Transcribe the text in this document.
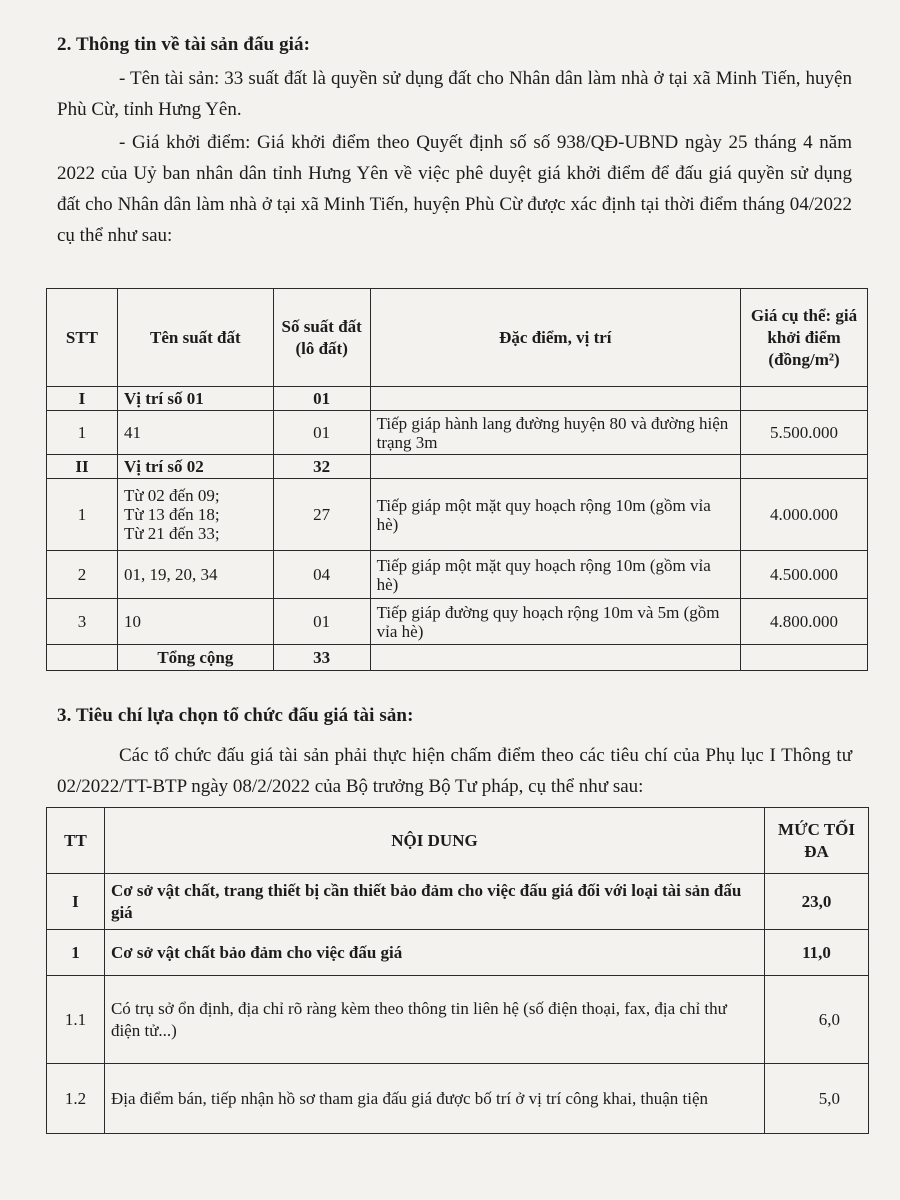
2. Thông tin về tài sản đấu giá:

- Tên tài sản: 33 suất đất là quyền sử dụng đất cho Nhân dân làm nhà ở tại xã Minh Tiến, huyện Phù Cừ, tỉnh Hưng Yên.

- Giá khởi điểm: Giá khởi điểm theo Quyết định số số 938/QĐ-UBND ngày 25 tháng 4 năm 2022 của Uỷ ban nhân dân tỉnh Hưng Yên về việc phê duyệt giá khởi điểm để đấu giá quyền sử dụng đất cho Nhân dân làm nhà ở tại xã Minh Tiến, huyện Phù Cừ được xác định tại thời điểm tháng 04/2022 cụ thể như sau:

STT	Tên suất đất	Số suất đất (lô đất)	Đặc điểm, vị trí	Giá cụ thể: giá khởi điểm (đồng/m²)
I	Vị trí số 01	01		
1	41	01	Tiếp giáp hành lang đường huyện 80 và đường hiện trạng 3m	5.500.000
II	Vị trí số 02	32		
1	Từ 02 đến 09;
Từ 13 đến 18;
Từ 21 đến 33;	27	Tiếp giáp một mặt quy hoạch rộng 10m (gồm vỉa hè)	4.000.000
2	01, 19, 20, 34	04	Tiếp giáp một mặt quy hoạch rộng 10m (gồm vỉa hè)	4.500.000
3	10	01	Tiếp giáp đường quy hoạch rộng 10m và 5m (gồm vỉa hè)	4.800.000
	Tổng cộng	33		
3. Tiêu chí lựa chọn tổ chức đấu giá tài sản:

Các tổ chức đấu giá tài sản phải thực hiện chấm điểm theo các tiêu chí của Phụ lục I Thông tư 02/2022/TT-BTP ngày 08/2/2022 của Bộ trưởng Bộ Tư pháp, cụ thể như sau:

TT	NỘI DUNG	MỨC TỐI ĐA
I	Cơ sở vật chất, trang thiết bị cần thiết bảo đảm cho việc đấu giá đối với loại tài sản đấu giá	23,0
1	Cơ sở vật chất bảo đảm cho việc đấu giá	11,0
1.1	Có trụ sở ổn định, địa chỉ rõ ràng kèm theo thông tin liên hệ (số điện thoại, fax, địa chỉ thư điện tử...)	6,0
1.2	Địa điểm bán, tiếp nhận hồ sơ tham gia đấu giá được bố trí ở vị trí công khai, thuận tiện	5,0
